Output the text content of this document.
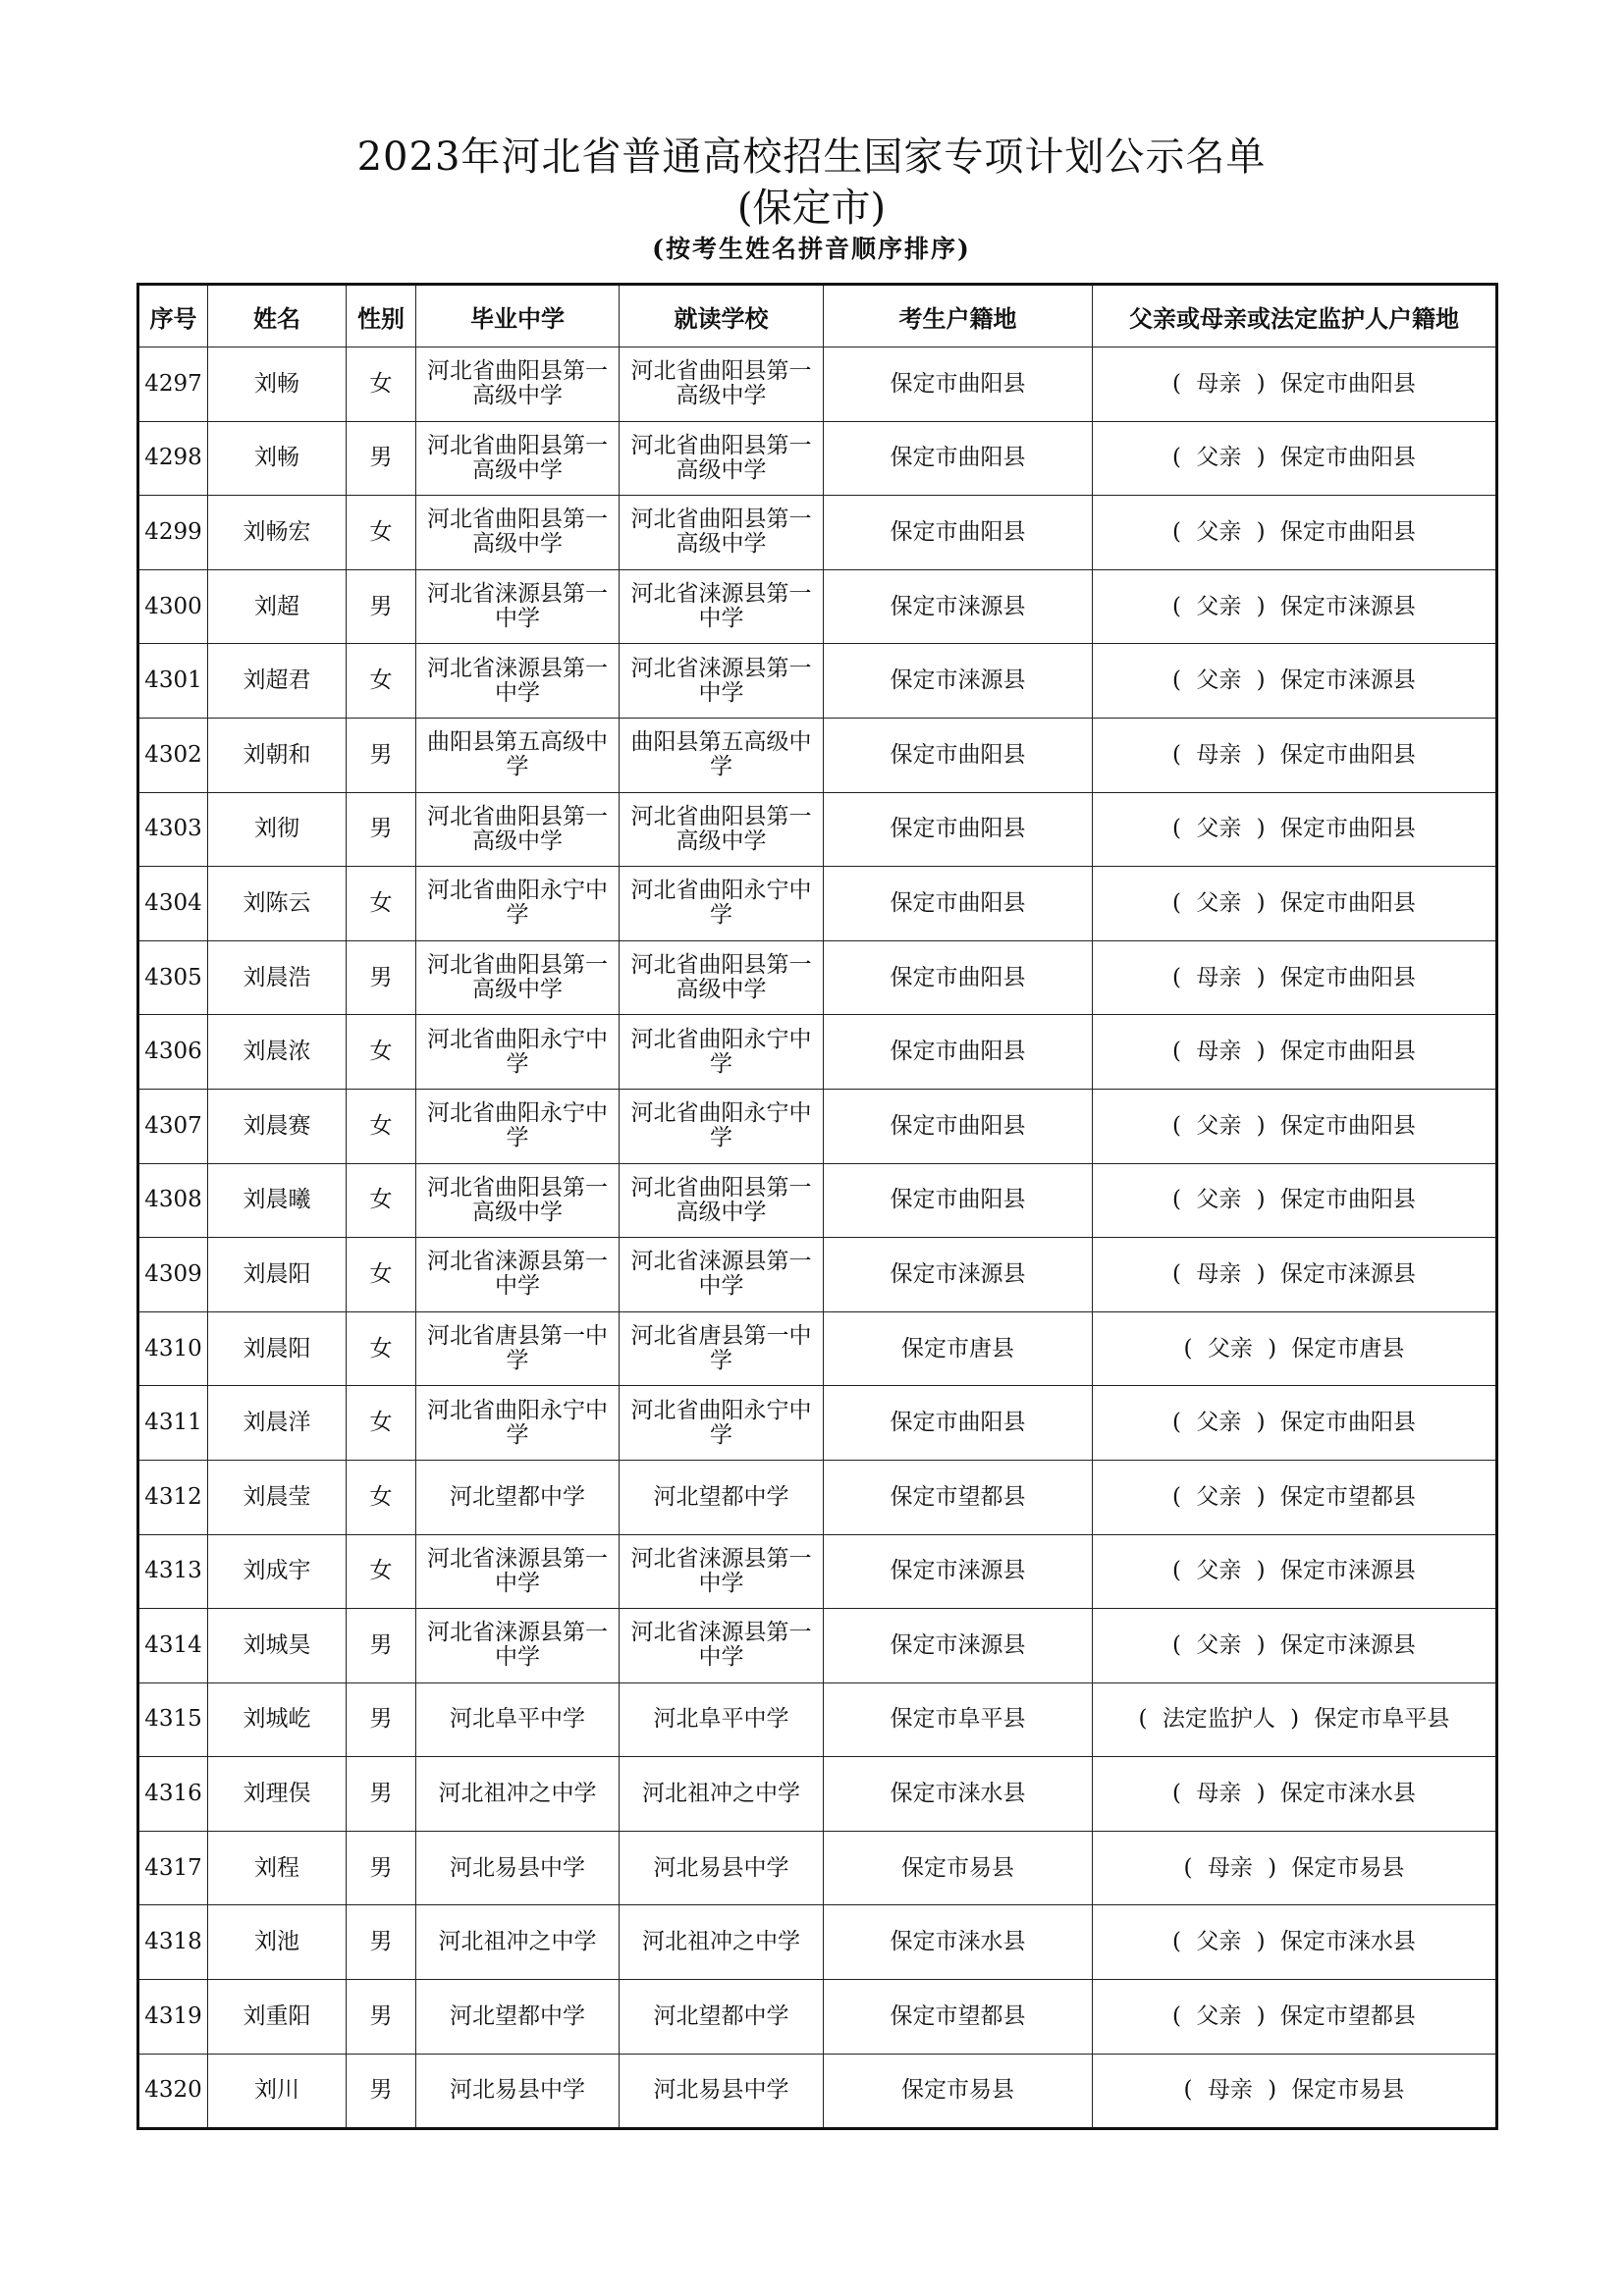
2023年河北省普通高校招生国家专项计划公示名单
(保定市)
(按考生姓名拼音顺序排序)
序号	姓名	性别	毕业中学	就读学校	考生户籍地	父亲或母亲或法定监护人户籍地
4297	刘畅	女	河北省曲阳县第一高级中学	河北省曲阳县第一高级中学	保定市曲阳县	( 母亲 ) 保定市曲阳县
4298	刘畅	男	河北省曲阳县第一高级中学	河北省曲阳县第一高级中学	保定市曲阳县	( 父亲 ) 保定市曲阳县
4299	刘畅宏	女	河北省曲阳县第一高级中学	河北省曲阳县第一高级中学	保定市曲阳县	( 父亲 ) 保定市曲阳县
4300	刘超	男	河北省涞源县第一中学	河北省涞源县第一中学	保定市涞源县	( 父亲 ) 保定市涞源县
4301	刘超君	女	河北省涞源县第一中学	河北省涞源县第一中学	保定市涞源县	( 父亲 ) 保定市涞源县
4302	刘朝和	男	曲阳县第五高级中学	曲阳县第五高级中学	保定市曲阳县	( 母亲 ) 保定市曲阳县
4303	刘彻	男	河北省曲阳县第一高级中学	河北省曲阳县第一高级中学	保定市曲阳县	( 父亲 ) 保定市曲阳县
4304	刘陈云	女	河北省曲阳永宁中学	河北省曲阳永宁中学	保定市曲阳县	( 父亲 ) 保定市曲阳县
4305	刘晨浩	男	河北省曲阳县第一高级中学	河北省曲阳县第一高级中学	保定市曲阳县	( 母亲 ) 保定市曲阳县
4306	刘晨浓	女	河北省曲阳永宁中学	河北省曲阳永宁中学	保定市曲阳县	( 母亲 ) 保定市曲阳县
4307	刘晨赛	女	河北省曲阳永宁中学	河北省曲阳永宁中学	保定市曲阳县	( 父亲 ) 保定市曲阳县
4308	刘晨曦	女	河北省曲阳县第一高级中学	河北省曲阳县第一高级中学	保定市曲阳县	( 父亲 ) 保定市曲阳县
4309	刘晨阳	女	河北省涞源县第一中学	河北省涞源县第一中学	保定市涞源县	( 母亲 ) 保定市涞源县
4310	刘晨阳	女	河北省唐县第一中学	河北省唐县第一中学	保定市唐县	( 父亲 ) 保定市唐县
4311	刘晨洋	女	河北省曲阳永宁中学	河北省曲阳永宁中学	保定市曲阳县	( 父亲 ) 保定市曲阳县
4312	刘晨莹	女	河北望都中学	河北望都中学	保定市望都县	( 父亲 ) 保定市望都县
4313	刘成宇	女	河北省涞源县第一中学	河北省涞源县第一中学	保定市涞源县	( 父亲 ) 保定市涞源县
4314	刘城昊	男	河北省涞源县第一中学	河北省涞源县第一中学	保定市涞源县	( 父亲 ) 保定市涞源县
4315	刘城屹	男	河北阜平中学	河北阜平中学	保定市阜平县	( 法定监护人 ) 保定市阜平县
4316	刘理俣	男	河北祖冲之中学	河北祖冲之中学	保定市涞水县	( 母亲 ) 保定市涞水县
4317	刘程	男	河北易县中学	河北易县中学	保定市易县	( 母亲 ) 保定市易县
4318	刘池	男	河北祖冲之中学	河北祖冲之中学	保定市涞水县	( 父亲 ) 保定市涞水县
4319	刘重阳	男	河北望都中学	河北望都中学	保定市望都县	( 父亲 ) 保定市望都县
4320	刘川	男	河北易县中学	河北易县中学	保定市易县	( 母亲 ) 保定市易县
